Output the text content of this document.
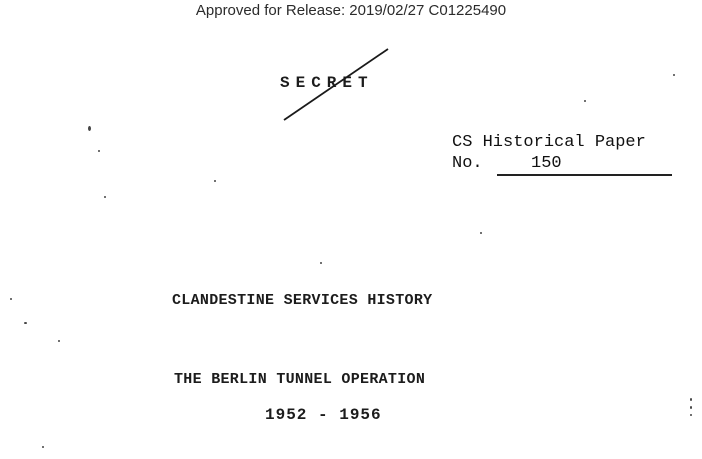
Approved for Release: 2019/02/27 C01225490
SECRET
CS Historical Paper
No.	150
CLANDESTINE SERVICES HISTORY
THE BERLIN TUNNEL OPERATION
1952 - 1956
